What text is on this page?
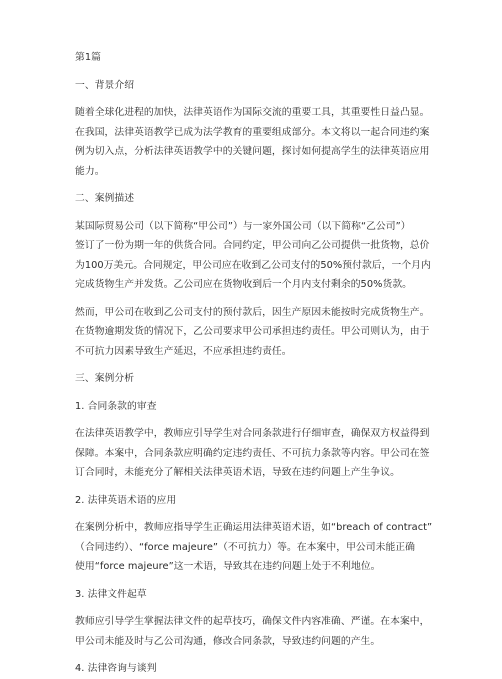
第1篇
一、背景介绍
随着全球化进程的加快，法律英语作为国际交流的重要工具，其重要性日益凸显。
在我国，法律英语教学已成为法学教育的重要组成部分。本文将以一起合同违约案
例为切入点，分析法律英语教学中的关键问题，探讨如何提高学生的法律英语应用
能力。
二、案例描述
某国际贸易公司（以下简称“甲公司”）与一家外国公司（以下简称“乙公司”）
签订了一份为期一年的供货合同。合同约定，甲公司向乙公司提供一批货物，总价
为100万美元。合同规定，甲公司应在收到乙公司支付的50%预付款后，一个月内
完成货物生产并发货。乙公司应在货物收到后一个月内支付剩余的50%货款。
然而，甲公司在收到乙公司支付的预付款后，因生产原因未能按时完成货物生产。
在货物逾期发货的情况下，乙公司要求甲公司承担违约责任。甲公司则认为，由于
不可抗力因素导致生产延迟，不应承担违约责任。
三、案例分析
1. 合同条款的审查
在法律英语教学中，教师应引导学生对合同条款进行仔细审查，确保双方权益得到
保障。本案中，合同条款应明确约定违约责任、不可抗力条款等内容。甲公司在签
订合同时，未能充分了解相关法律英语术语，导致在违约问题上产生争议。
2. 法律英语术语的应用
在案例分析中，教师应指导学生正确运用法律英语术语，如“breach of contract”
（合同违约）、“force majeure”（不可抗力）等。在本案中，甲公司未能正确
使用“force majeure”这一术语，导致其在违约问题上处于不利地位。
3. 法律文件起草
教师应引导学生掌握法律文件的起草技巧，确保文件内容准确、严谨。在本案中，
甲公司未能及时与乙公司沟通，修改合同条款，导致违约问题的产生。
4. 法律咨询与谈判
